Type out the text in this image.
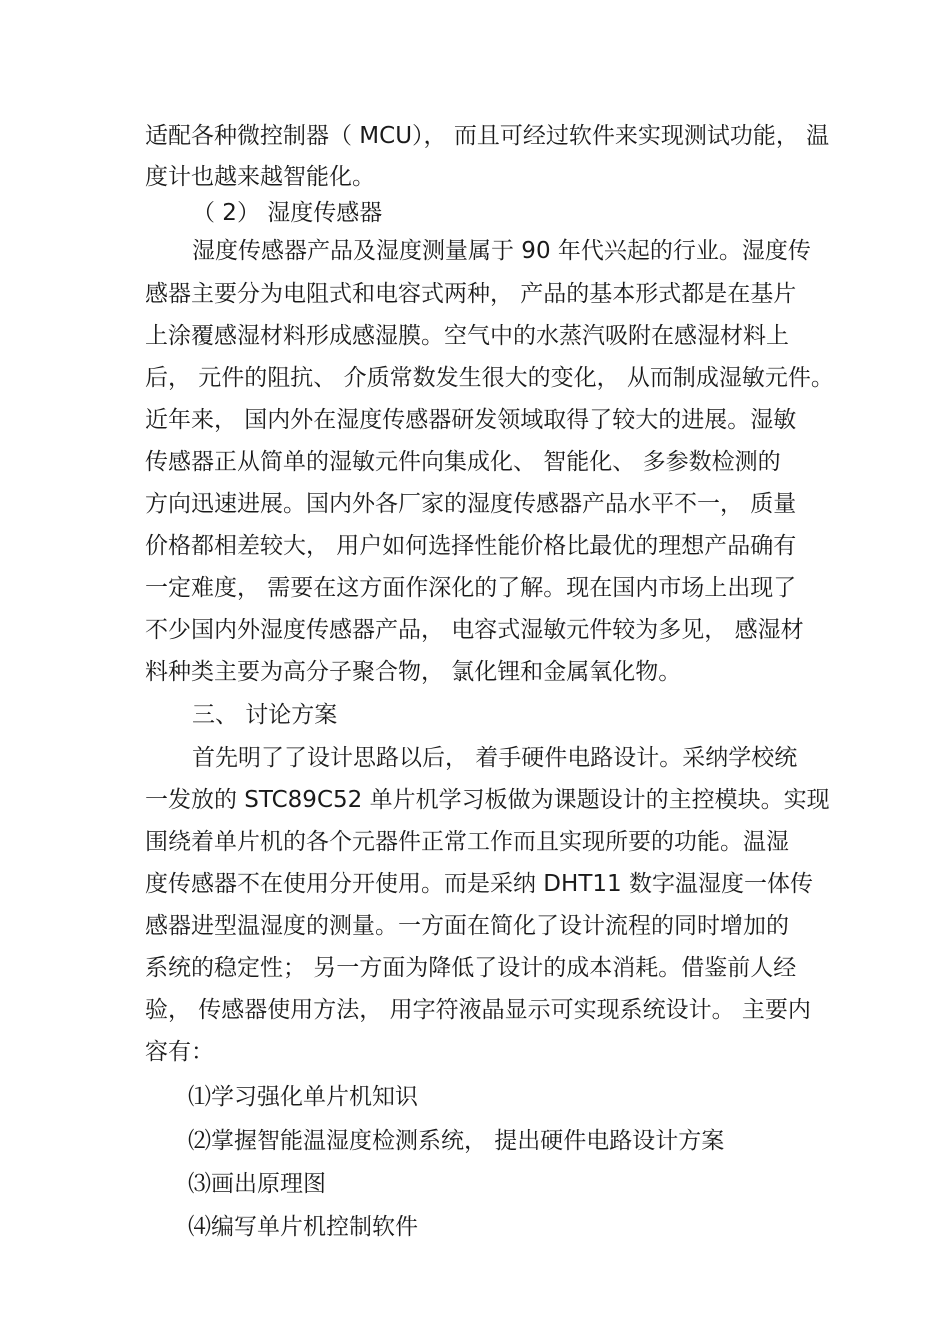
适配各种微控制器（ MCU）， 而且可经过软件来实现测试功能， 温
度计也越来越智能化。
（ 2） 湿度传感器
湿度传感器产品及湿度测量属于 90 年代兴起的行业。湿度传
感器主要分为电阻式和电容式两种， 产品的基本形式都是在基片
上涂覆感湿材料形成感湿膜。空气中的水蒸汽吸附在感湿材料上
后， 元件的阻抗、 介质常数发生很大的变化， 从而制成湿敏元件。
近年来， 国内外在湿度传感器研发领域取得了较大的进展。湿敏
传感器正从简单的湿敏元件向集成化、 智能化、 多参数检测的
方向迅速进展。国内外各厂家的湿度传感器产品水平不一， 质量
价格都相差较大， 用户如何选择性能价格比最优的理想产品确有
一定难度， 需要在这方面作深化的了解。现在国内市场上出现了
不少国内外湿度传感器产品， 电容式湿敏元件较为多见， 感湿材
料种类主要为高分子聚合物， 氯化锂和金属氧化物。
三、 讨论方案
首先明了了设计思路以后， 着手硬件电路设计。采纳学校统
一发放的 STC89C52 单片机学习板做为课题设计的主控模块。实现
围绕着单片机的各个元器件正常工作而且实现所要的功能。温湿
度传感器不在使用分开使用。而是采纳 DHT11 数字温湿度一体传
感器进型温湿度的测量。一方面在简化了设计流程的同时增加的
系统的稳定性； 另一方面为降低了设计的成本消耗。借鉴前人经
验， 传感器使用方法， 用字符液晶显示可实现系统设计。 主要内
容有：
⑴学习强化单片机知识
⑵掌握智能温湿度检测系统， 提出硬件电路设计方案
⑶画出原理图
⑷编写单片机控制软件
